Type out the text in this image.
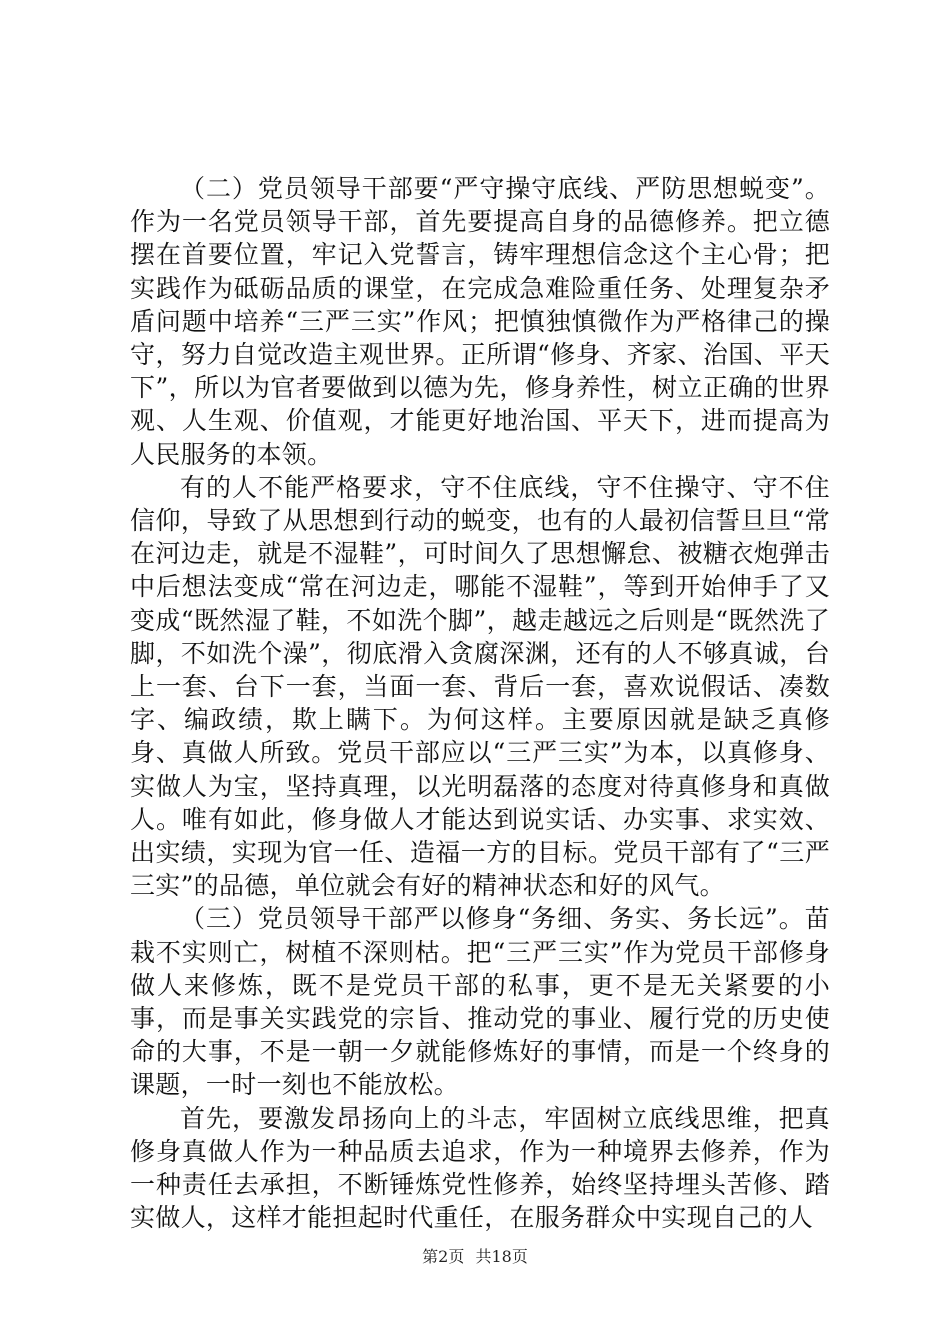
（二）党员领导干部要“严守操守底线、严防思想蜕变”。作为一名党员领导干部，首先要提高自身的品德修养。把立德摆在首要位置，牢记入党誓言，铸牢理想信念这个主心骨；把实践作为砥砺品质的课堂，在完成急难险重任务、处理复杂矛盾问题中培养“三严三实”作风；把慎独慎微作为严格律己的操守，努力自觉改造主观世界。正所谓“修身、齐家、治国、平天下”，所以为官者要做到以德为先，修身养性，树立正确的世界观、人生观、价值观，才能更好地治国、平天下，进而提高为人民服务的本领。

有的人不能严格要求，守不住底线，守不住操守、守不住信仰，导致了从思想到行动的蜕变，也有的人最初信誓旦旦“常在河边走，就是不湿鞋”，可时间久了思想懈怠、被糖衣炮弹击中后想法变成“常在河边走，哪能不湿鞋”，等到开始伸手了又变成“既然湿了鞋，不如洗个脚”，越走越远之后则是“既然洗了脚，不如洗个澡”，彻底滑入贪腐深渊，还有的人不够真诚，台上一套、台下一套，当面一套、背后一套，喜欢说假话、凑数字、编政绩，欺上瞒下。为何这样。主要原因就是缺乏真修身、真做人所致。党员干部应以“三严三实”为本，以真修身、实做人为宝，坚持真理，以光明磊落的态度对待真修身和真做人。唯有如此，修身做人才能达到说实话、办实事、求实效、出实绩，实现为官一任、造福一方的目标。党员干部有了“三严三实”的品德，单位就会有好的精神状态和好的风气。

（三）党员领导干部严以修身“务细、务实、务长远”。苗栽不实则亡，树植不深则枯。把“三严三实”作为党员干部修身做人来修炼，既不是党员干部的私事，更不是无关紧要的小事，而是事关实践党的宗旨、推动党的事业、履行党的历史使命的大事，不是一朝一夕就能修炼好的事情，而是一个终身的课题，一时一刻也不能放松。

首先，要激发昂扬向上的斗志，牢固树立底线思维，把真修身真做人作为一种品质去追求，作为一种境界去修养，作为一种责任去承担，不断锤炼党性修养，始终坚持埋头苦修、踏实做人，这样才能担起时代重任，在服务群众中实现自己的人

第2页 共18页
